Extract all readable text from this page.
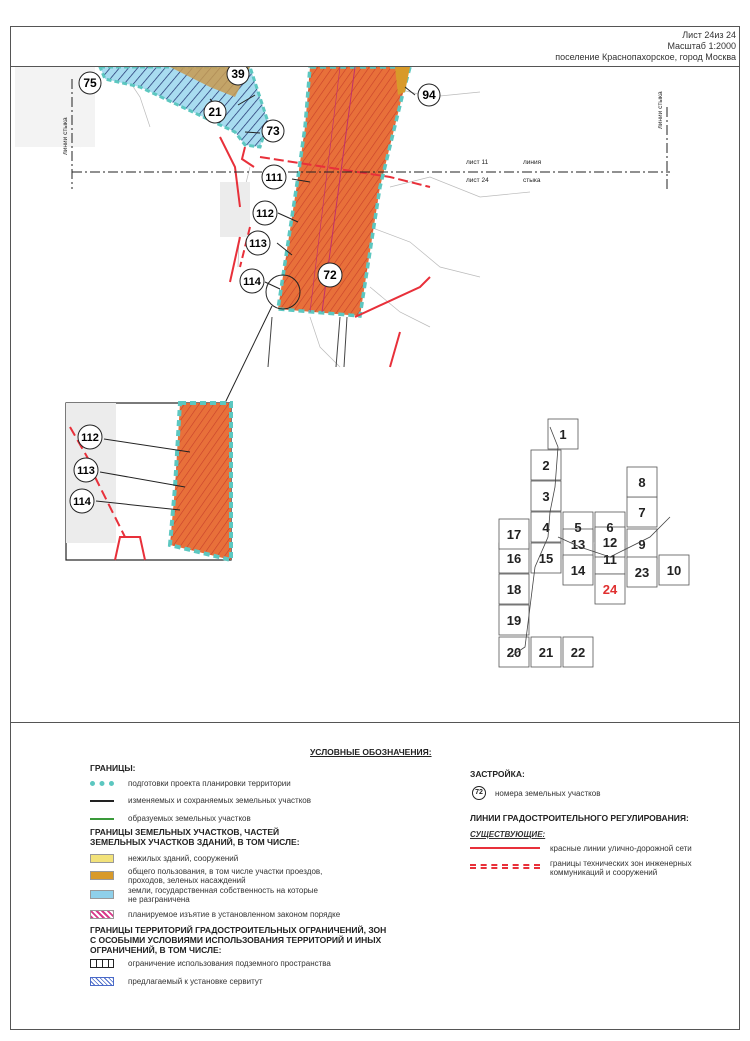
Лист 24из 24
Масштаб 1:2000
поселение Краснопахорское, город Москва
линии стыка
линии стыка
лист 11	линия
лист 24	стыка
75
39
21
73
94
111
112
113
114	72
112
113
114
1
2
3
4 5 6
7
8
9
10
11
12
13
14
15
16
17
18
19
20 21 22
23
24
УСЛОВНЫЕ ОБОЗНАЧЕНИЯ:
ГРАНИЦЫ:
подготовки проекта планировки территории
изменяемых и сохраняемых земельных участков
образуемых земельных участков
ГРАНИЦЫ ЗЕМЕЛЬНЫХ УЧАСТКОВ, ЧАСТЕЙ
ЗЕМЕЛЬНЫХ УЧАСТКОВ ЗДАНИЙ, В ТОМ ЧИСЛЕ:
нежилых зданий, сооружений
общего пользования, в том числе участки проездов,
проходов, зеленых насаждений
земли, государственная собственность на которые
не разграничена
планируемое изъятие в установленном законом порядке
ГРАНИЦЫ ТЕРРИТОРИЙ ГРАДОСТРОИТЕЛЬНЫХ ОГРАНИЧЕНИЙ, ЗОН
С ОСОБЫМИ УСЛОВИЯМИ ИСПОЛЬЗОВАНИЯ ТЕРРИТОРИЙ И ИНЫХ
ОГРАНИЧЕНИЙ, В ТОМ ЧИСЛЕ:
ограничение использования подземного пространства
предлагаемый к установке сервитут
ЗАСТРОЙКА:
72	номера земельных участков
ЛИНИИ ГРАДОСТРОИТЕЛЬНОГО РЕГУЛИРОВАНИЯ:
СУЩЕСТВУЮЩИЕ:
красные линии улично-дорожной сети
границы технических зон инженерных
коммуникаций и сооружений
